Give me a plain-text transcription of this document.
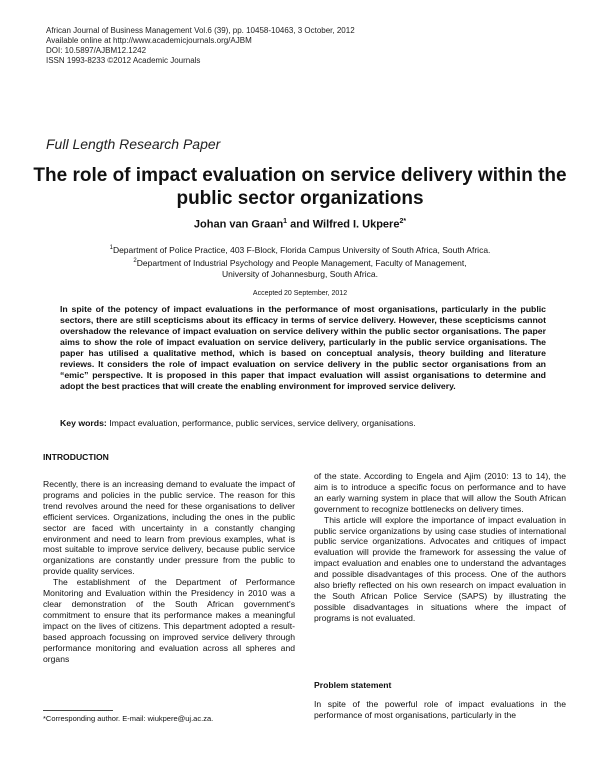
African Journal of Business Management Vol.6 (39), pp. 10458-10463, 3 October, 2012
Available online at http://www.academicjournals.org/AJBM
DOI: 10.5897/AJBM12.1242
ISSN 1993-8233 ©2012 Academic Journals
Full Length Research Paper
The role of impact evaluation on service delivery within the public sector organizations
Johan van Graan$^1$ and Wilfred I. Ukpere$^{2*}$
$^1$Department of Police Practice, 403 F-Block, Florida Campus University of South Africa, South Africa.
$^2$Department of Industrial Psychology and People Management, Faculty of Management,
University of Johannesburg, South Africa.
Accepted 20 September, 2012
In spite of the potency of impact evaluations in the performance of most organisations, particularly in the public sectors, there are still scepticisms about its efficacy in terms of service delivery. However, these scepticisms cannot overshadow the relevance of impact evaluation on service delivery within the public sector organisations. The paper aims to show the role of impact evaluation on service delivery, particularly in the public service organisations. The paper has utilised a qualitative method, which is based on conceptual analysis, theory building and literature reviews. It considers the role of impact evaluation on service delivery in the public sector organisations from an “emic” perspective. It is proposed in this paper that impact evaluation will assist organisations to determine and adopt the best practices that will create the enabling environment for improved service delivery.
Key words: Impact evaluation, performance, public services, service delivery, organisations.
INTRODUCTION

Recently, there is an increasing demand to evaluate the impact of programs and policies in the public service. The reason for this trend revolves around the need for these organisations to deliver efficient services. Organizations, including the ones in the public sector are faced with uncertainty in a constantly changing environment and need to learn from previous examples, what is most suitable to improve service delivery, because public service organizations are constantly under pressure from the public to provide quality services.

The establishment of the Department of Performance Monitoring and Evaluation within the Presidency in 2010 was a clear demonstration of the South African government's commitment to ensure that its performance makes a meaningful impact on the lives of citizens. This department adopted a result-based approach focussing on improved service delivery through performance monitoring and evaluation across all spheres and organs

of the state. According to Engela and Ajim (2010: 13 to 14), the aim is to introduce a specific focus on performance and to have an early warning system in place that will allow the South African government to recognize bottlenecks on delivery times.

This article will explore the importance of impact evaluation in public service organizations by using case studies of international public service organizations. Advocates and critiques of impact evaluation will provide the framework for assessing the value of impact evaluation and enables one to understand the advantages and possible disadvantages of this process. One of the authors also briefly reflected on his own research on impact evaluation in the South African Police Service (SAPS) by illustrating the possible disadvantages in situations where the impact of programs is not evaluated.

Problem statement
In spite of the powerful role of impact evaluations in the performance of most organisations, particularly in the
*Corresponding author. E-mail: wiukpere@uj.ac.za.
